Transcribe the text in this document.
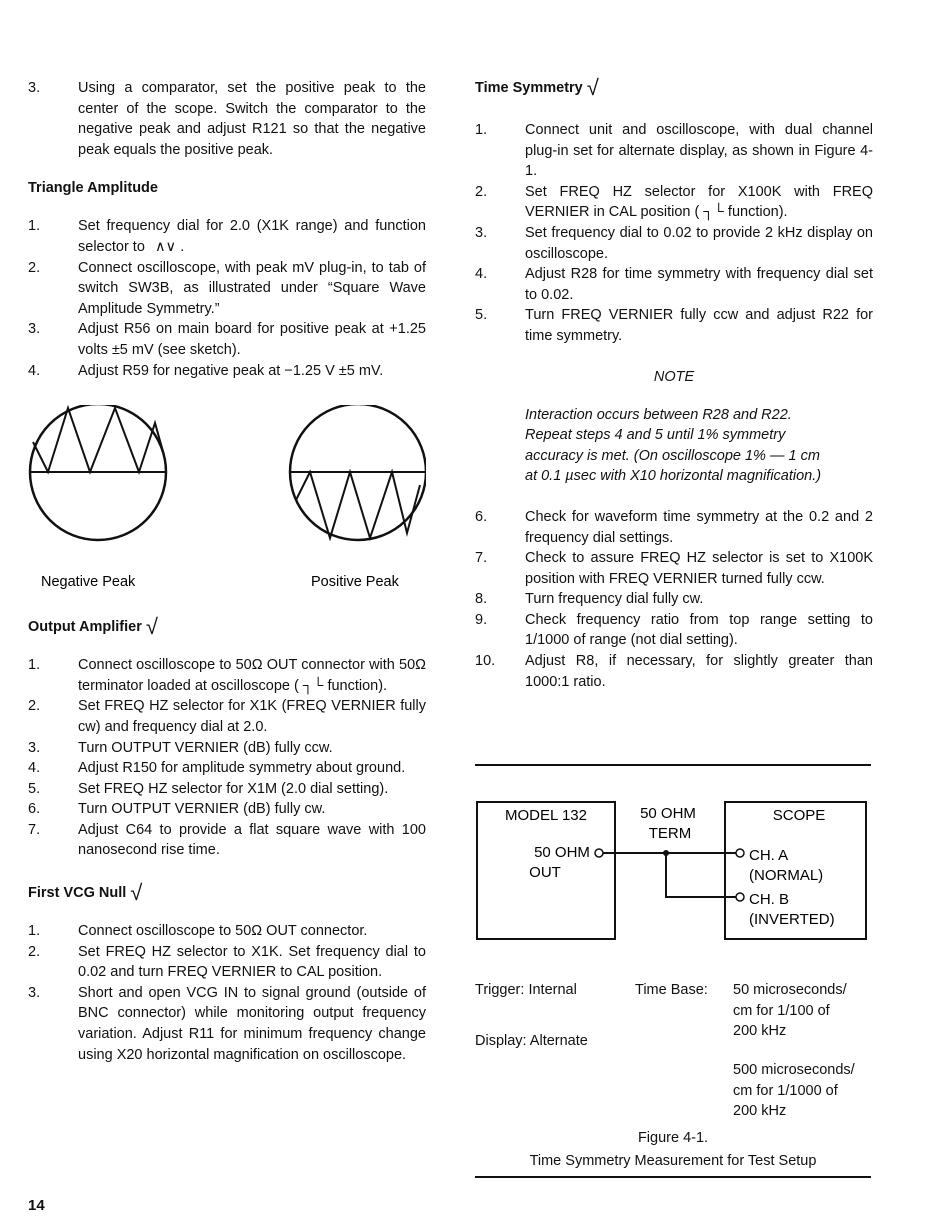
3.	Using a comparator, set the positive peak to the center of the scope. Switch the comparator to the negative peak and adjust R121 so that the negative peak equals the positive peak.

Triangle Amplitude

1.	Set frequency dial for 2.0 (X1K range) and function selector to ∧∨ .

2.	Connect oscilloscope, with peak mV plug-in, to tab of switch SW3B, as illustrated under “Square Wave Amplitude Symmetry.”

3.	Adjust R56 on main board for positive peak at +1.25 volts ±5 mV (see sketch).

4.	Adjust R59 for negative peak at −1.25 V ±5 mV.

Negative Peak	Positive Peak

Output Amplifier √

1.	Connect oscilloscope to 50Ω OUT connector with 50Ω terminator loaded at oscilloscope ( ┐└ function).

2.	Set FREQ HZ selector for X1K (FREQ VERNIER fully cw) and frequency dial at 2.0.

3.	Turn OUTPUT VERNIER (dB) fully ccw.

4.	Adjust R150 for amplitude symmetry about ground.

5.	Set FREQ HZ selector for X1M (2.0 dial setting).

6.	Turn OUTPUT VERNIER (dB) fully cw.

7.	Adjust C64 to provide a flat square wave with 100 nanosecond rise time.

First VCG Null √

1.	Connect oscilloscope to 50Ω OUT connector.

2.	Set FREQ HZ selector to X1K. Set frequency dial to 0.02 and turn FREQ VERNIER to CAL position.

3.	Short and open VCG IN to signal ground (outside of BNC connector) while monitoring output frequency variation. Adjust R11 for minimum frequency change using X20 horizontal magnification on oscilloscope.

14

Time Symmetry √

1.	Connect unit and oscilloscope, with dual channel plug-in set for alternate display, as shown in Figure 4-1.

2.	Set FREQ HZ selector for X100K with FREQ VERNIER in CAL position ( ┐└ function).

3.	Set frequency dial to 0.02 to provide 2 kHz display on oscilloscope.

4.	Adjust R28 for time symmetry with frequency dial set to 0.02.

5.	Turn FREQ VERNIER fully ccw and adjust R22 for time symmetry.

NOTE

Interaction occurs between R28 and R22. Repeat steps 4 and 5 until 1% symmetry accuracy is met. (On oscilloscope 1% — 1 cm at 0.1 µsec with X10 horizontal magnification.)

6.	Check for waveform time symmetry at the 0.2 and 2 frequency dial settings.

7.	Check to assure FREQ HZ selector is set to X100K position with FREQ VERNIER turned fully ccw.

8.	Turn frequency dial fully cw.

9.	Check frequency ratio from top range setting to 1/1000 of range (not dial setting).

10. Adjust R8, if necessary, for slightly greater than 1000:1 ratio.

MODEL 132
50 OHM
OUT
50 OHM
TERM
SCOPE
CH. A
(NORMAL)
CH. B
(INVERTED)
Trigger: Internal
Display: Alternate
Time Base: 50 microseconds/
cm for 1/100 of
200 kHz
500 microseconds/
cm for 1/1000 of
200 kHz
Figure 4-1.
Time Symmetry Measurement for Test Setup
